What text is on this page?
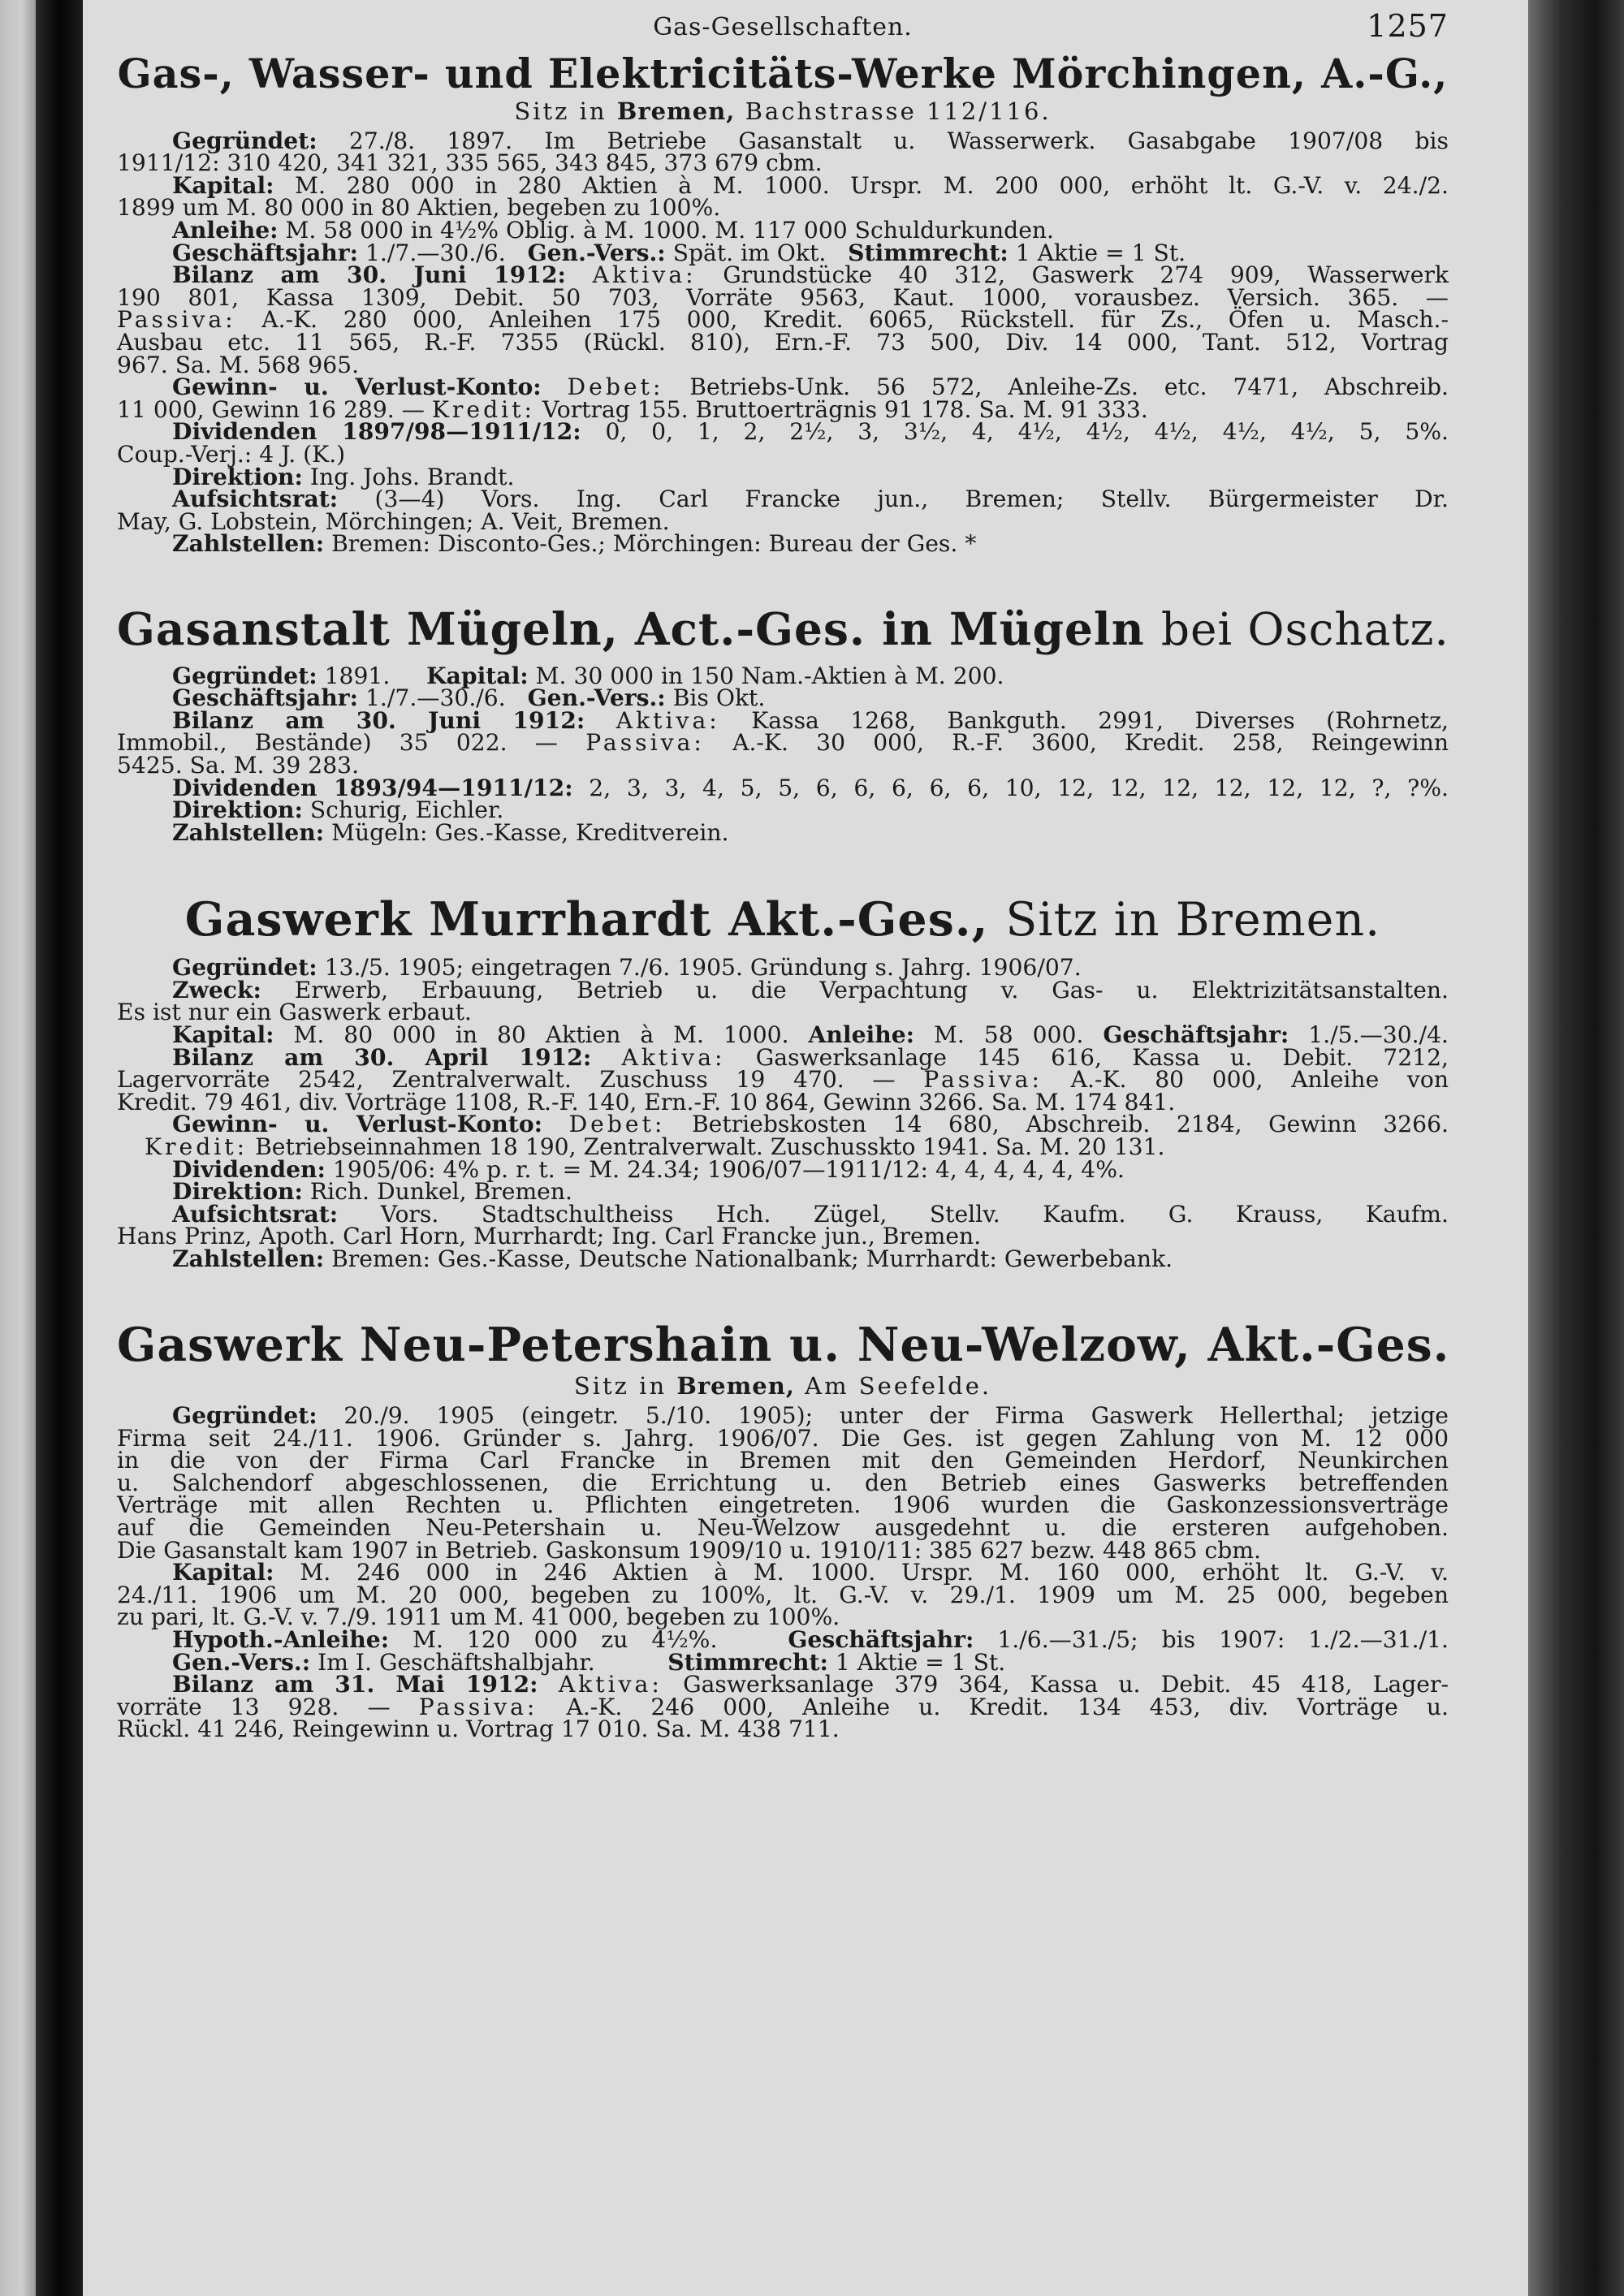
Gas-Gesellschaften.	1257
Gas-, Wasser- und Elektricitäts-Werke Mörchingen, A.-G.,
Sitz in Bremen, Bachstrasse 112/116.
Gegründet: 27./8. 1897. Im Betriebe Gasanstalt u. Wasserwerk. Gasabgabe 1907/08 bis
1911/12: 310 420, 341 321, 335 565, 343 845, 373 679 cbm.
Kapital: M. 280 000 in 280 Aktien à M. 1000. Urspr. M. 200 000, erhöht lt. G.-V. v. 24./2.
1899 um M. 80 000 in 80 Aktien, begeben zu 100%.
Anleihe: M. 58 000 in 4½% Oblig. à M. 1000. M. 117 000 Schuldurkunden.
Geschäftsjahr: 1./7.—30./6. Gen.-Vers.: Spät. im Okt. Stimmrecht: 1 Aktie = 1 St.
Bilanz am 30. Juni 1912: Aktiva: Grundstücke 40 312, Gaswerk 274 909, Wasserwerk
190 801, Kassa 1309, Debit. 50 703, Vorräte 9563, Kaut. 1000, vorausbez. Versich. 365. —
Passiva: A.-K. 280 000, Anleihen 175 000, Kredit. 6065, Rückstell. für Zs., Öfen u. Masch.-
Ausbau etc. 11 565, R.-F. 7355 (Rückl. 810), Ern.-F. 73 500, Div. 14 000, Tant. 512, Vortrag
967. Sa. M. 568 965.
Gewinn- u. Verlust-Konto: Debet: Betriebs-Unk. 56 572, Anleihe-Zs. etc. 7471, Abschreib.
11 000, Gewinn 16 289. — Kredit: Vortrag 155. Bruttoerträgnis 91 178. Sa. M. 91 333.
Dividenden 1897/98—1911/12: 0, 0, 1, 2, 2½, 3, 3½, 4, 4½, 4½, 4½, 4½, 4½, 5, 5%.
Coup.-Verj.: 4 J. (K.)
Direktion: Ing. Johs. Brandt.
Aufsichtsrat: (3—4) Vors. Ing. Carl Francke jun., Bremen; Stellv. Bürgermeister Dr.
May, G. Lobstein, Mörchingen; A. Veit, Bremen.
Zahlstellen: Bremen: Disconto-Ges.; Mörchingen: Bureau der Ges. *
Gasanstalt Mügeln, Act.-Ges. in Mügeln bei Oschatz.
Gegründet: 1891. Kapital: M. 30 000 in 150 Nam.-Aktien à M. 200.
Geschäftsjahr: 1./7.—30./6. Gen.-Vers.: Bis Okt.
Bilanz am 30. Juni 1912: Aktiva: Kassa 1268, Bankguth. 2991, Diverses (Rohrnetz,
Immobil., Bestände) 35 022. — Passiva: A.-K. 30 000, R.-F. 3600, Kredit. 258, Reingewinn
5425. Sa. M. 39 283.
Dividenden 1893/94—1911/12: 2, 3, 3, 4, 5, 5, 6, 6, 6, 6, 6, 10, 12, 12, 12, 12, 12, 12, ?, ?%.
Direktion: Schurig, Eichler.
Zahlstellen: Mügeln: Ges.-Kasse, Kreditverein.
Gaswerk Murrhardt Akt.-Ges., Sitz in Bremen.
Gegründet: 13./5. 1905; eingetragen 7./6. 1905. Gründung s. Jahrg. 1906/07.
Zweck: Erwerb, Erbauung, Betrieb u. die Verpachtung v. Gas- u. Elektrizitätsanstalten.
Es ist nur ein Gaswerk erbaut.
Kapital: M. 80 000 in 80 Aktien à M. 1000. Anleihe: M. 58 000. Geschäftsjahr: 1./5.—30./4.
Bilanz am 30. April 1912: Aktiva: Gaswerksanlage 145 616, Kassa u. Debit. 7212,
Lagervorräte 2542, Zentralverwalt. Zuschuss 19 470. — Passiva: A.-K. 80 000, Anleihe von
Kredit. 79 461, div. Vorträge 1108, R.-F. 140, Ern.-F. 10 864, Gewinn 3266. Sa. M. 174 841.
Gewinn- u. Verlust-Konto: Debet: Betriebskosten 14 680, Abschreib. 2184, Gewinn 3266.
Kredit: Betriebseinnahmen 18 190, Zentralverwalt. Zuschusskto 1941. Sa. M. 20 131.
Dividenden: 1905/06: 4% p. r. t. = M. 24.34; 1906/07—1911/12: 4, 4, 4, 4, 4, 4%.
Direktion: Rich. Dunkel, Bremen.
Aufsichtsrat: Vors. Stadtschultheiss Hch. Zügel, Stellv. Kaufm. G. Krauss, Kaufm.
Hans Prinz, Apoth. Carl Horn, Murrhardt; Ing. Carl Francke jun., Bremen.
Zahlstellen: Bremen: Ges.-Kasse, Deutsche Nationalbank; Murrhardt: Gewerbebank.
Gaswerk Neu-Petershain u. Neu-Welzow, Akt.-Ges.
Sitz in Bremen, Am Seefelde.
Gegründet: 20./9. 1905 (eingetr. 5./10. 1905); unter der Firma Gaswerk Hellerthal; jetzige
Firma seit 24./11. 1906. Gründer s. Jahrg. 1906/07. Die Ges. ist gegen Zahlung von M. 12 000
in die von der Firma Carl Francke in Bremen mit den Gemeinden Herdorf, Neunkirchen
u. Salchendorf abgeschlossenen, die Errichtung u. den Betrieb eines Gaswerks betreffenden
Verträge mit allen Rechten u. Pflichten eingetreten. 1906 wurden die Gaskonzessionsverträge
auf die Gemeinden Neu-Petershain u. Neu-Welzow ausgedehnt u. die ersteren aufgehoben.
Die Gasanstalt kam 1907 in Betrieb. Gaskonsum 1909/10 u. 1910/11: 385 627 bezw. 448 865 cbm.
Kapital: M. 246 000 in 246 Aktien à M. 1000. Urspr. M. 160 000, erhöht lt. G.-V. v.
24./11. 1906 um M. 20 000, begeben zu 100%, lt. G.-V. v. 29./1. 1909 um M. 25 000, begeben
zu pari, lt. G.-V. v. 7./9. 1911 um M. 41 000, begeben zu 100%.
Hypoth.-Anleihe: M. 120 000 zu 4½%.	Geschäftsjahr: 1./6.—31./5; bis 1907: 1./2.—31./1.
Gen.-Vers.: Im I. Geschäftshalbjahr.	Stimmrecht: 1 Aktie = 1 St.
Bilanz am 31. Mai 1912: Aktiva: Gaswerksanlage 379 364, Kassa u. Debit. 45 418, Lager-
vorräte 13 928. — Passiva: A.-K. 246 000, Anleihe u. Kredit. 134 453, div. Vorträge u.
Rückl. 41 246, Reingewinn u. Vortrag 17 010. Sa. M. 438 711.
